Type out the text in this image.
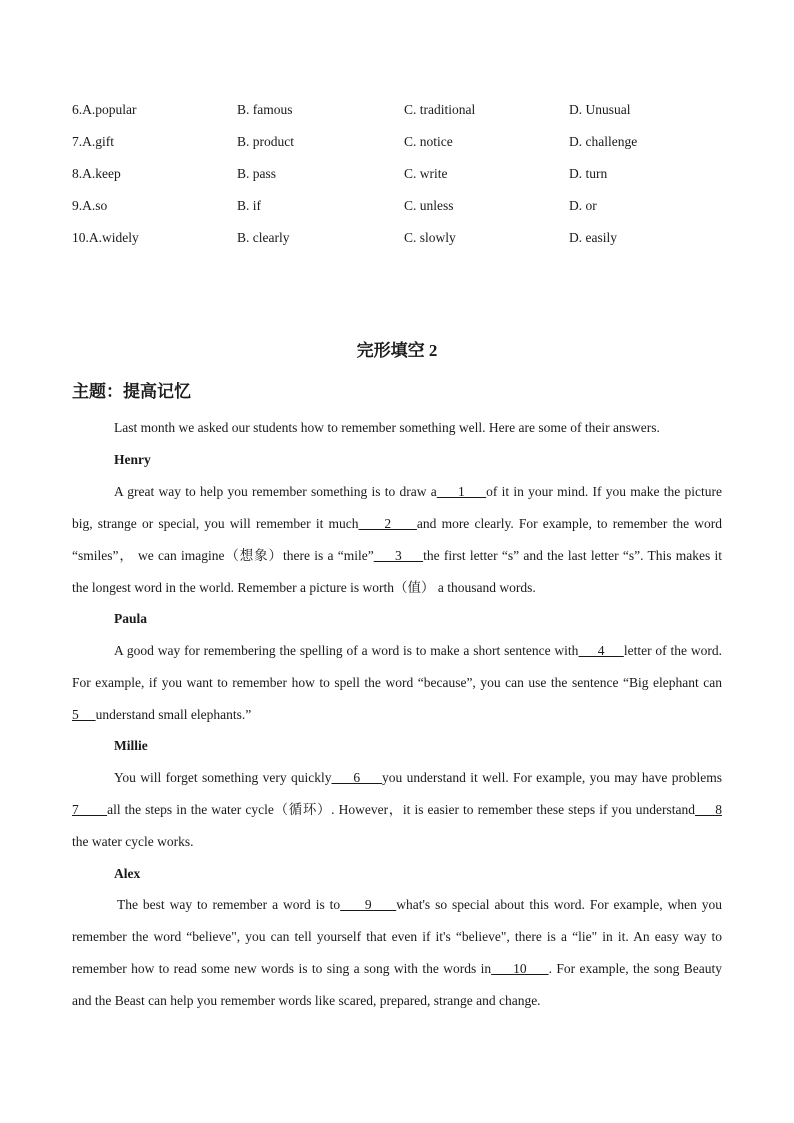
6.A.popular	B. famous	C. traditional	D. Unusual
7.A.gift	B. product	C. notice	D. challenge
8.A.keep	B. pass	C. write	D. turn
9.A.so	B. if	C. unless	D. or
10.A.widely	B. clearly	C. slowly	D. easily
完形填空 2
主题：提高记忆
Last month we asked our students how to remember something well. Here are some of their answers.
Henry
A great way to help you remember something is to draw a     1     of it in your mind. If you make the picture
big, strange or special, you will remember it much     2     and more clearly. For example, to remember the word
“smiles”， we can imagine（想象）there is a “mile”     3     the first letter “s” and the last letter “s”. This makes it
the longest word in the world. Remember a picture is worth（值） a thousand words.
Paula
A good way for remembering the spelling of a word is to make a short sentence with     4     letter of the word.
For example, if you want to remember how to spell the word “because”, you can use the sentence “Big elephant can
5     understand small elephants.”
Millie
You will forget something very quickly     6     you understand it well. For example, you may have problems
7       all the steps in the water cycle（循环）. However，it is easier to remember these steps if you understand     8
the water cycle works.
Alex
The best way to remember a word is to     9     what's so special about this word. For example, when you
remember the word “believe", you can tell yourself that even if it's “believe", there is a “lie" in it. An easy way to
remember how to read some new words is to sing a song with the words in     10     . For example, the song Beauty
and the Beast can help you remember words like scared, prepared, strange and change.
